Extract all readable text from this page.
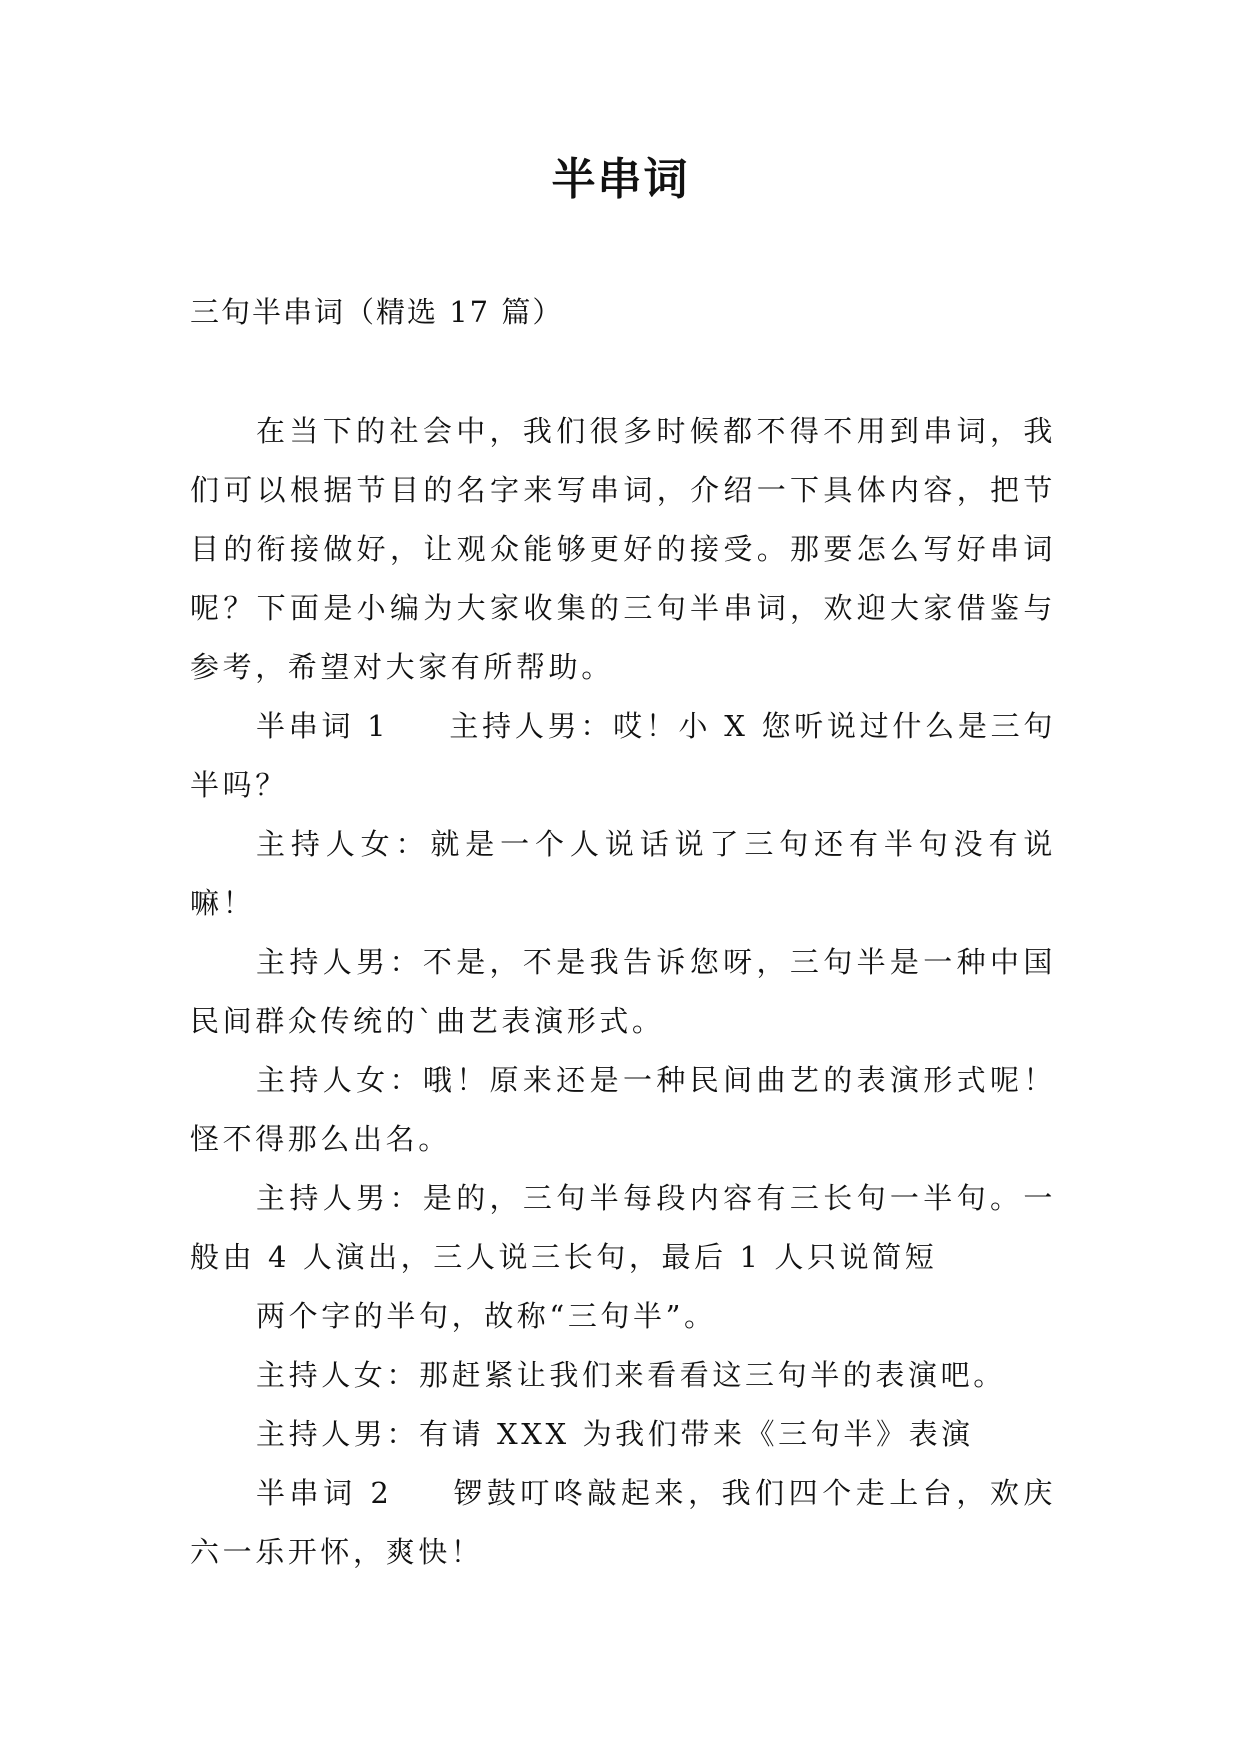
半串词
三句半串词（精选 17 篇）

在当下的社会中，我们很多时候都不得不用到串词，我们可以根据节目的名字来写串词，介绍一下具体内容，把节目的衔接做好，让观众能够更好的接受。那要怎么写好串词呢？下面是小编为大家收集的三句半串词，欢迎大家借鉴与参考，希望对大家有所帮助。

半串词 1 主持人男：哎！小 X 您听说过什么是三句半吗？

主持人女：就是一个人说话说了三句还有半句没有说嘛！

主持人男：不是，不是我告诉您呀，三句半是一种中国民间群众传统的`曲艺表演形式。

主持人女：哦！原来还是一种民间曲艺的表演形式呢！怪不得那么出名。

主持人男：是的，三句半每段内容有三长句一半句。一般由 4 人演出，三人说三长句，最后 1 人只说简短

两个字的半句，故称“三句半”。

主持人女：那赶紧让我们来看看这三句半的表演吧。

主持人男：有请 XXX 为我们带来《三句半》表演

半串词 2 锣鼓叮咚敲起来，我们四个走上台，欢庆六一乐开怀，爽快！
